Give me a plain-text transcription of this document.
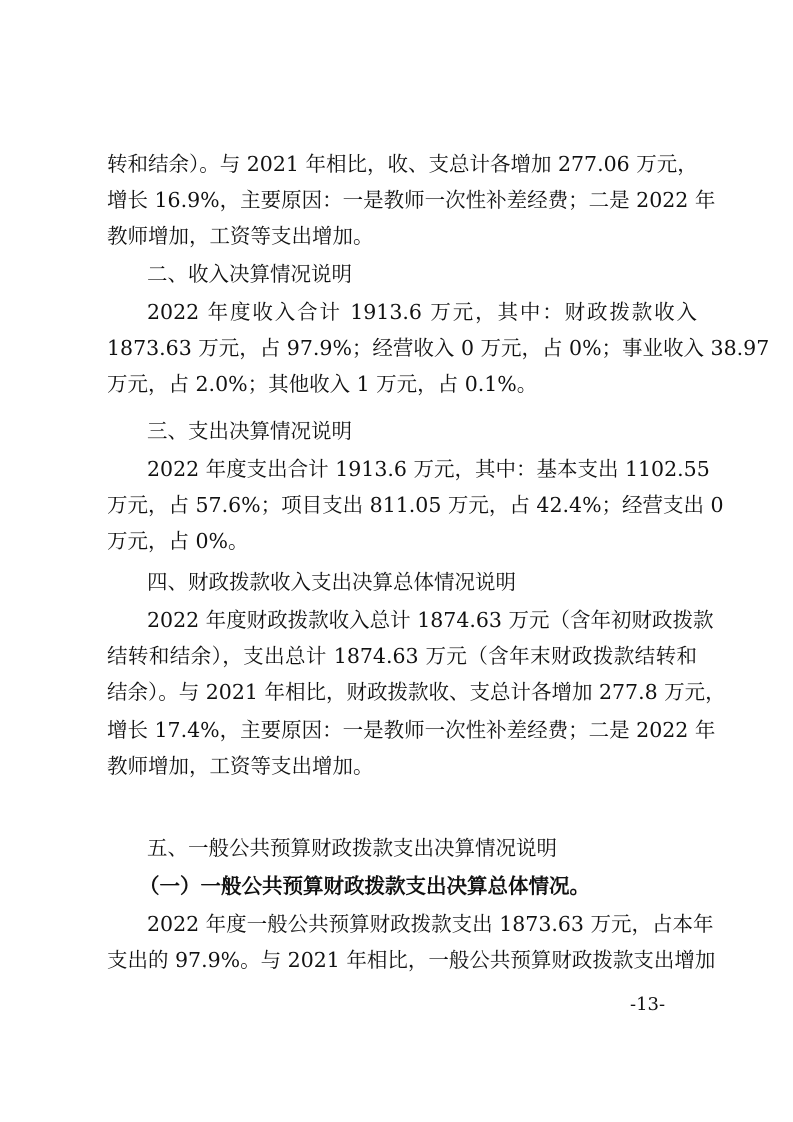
转和结余）。与 2021 年相比，收、支总计各增加 277.06 万元，
增长 16.9%，主要原因：一是教师一次性补差经费；二是 2022 年
教师增加，工资等支出增加。
二、收入决算情况说明
2022 年度收入合计 1913.6 万元，其中：财政拨款收入
1873.63 万元，占 97.9%；经营收入 0 万元，占 0%；事业收入 38.97
万元，占 2.0%；其他收入 1 万元，占 0.1%。
三、支出决算情况说明
2022 年度支出合计 1913.6 万元，其中：基本支出 1102.55
万元，占 57.6%；项目支出 811.05 万元，占 42.4%；经营支出 0
万元，占 0%。
四、财政拨款收入支出决算总体情况说明
2022 年度财政拨款收入总计 1874.63 万元（含年初财政拨款
结转和结余），支出总计 1874.63 万元（含年末财政拨款结转和
结余）。与 2021 年相比，财政拨款收、支总计各增加 277.8 万元，
增长 17.4%，主要原因：一是教师一次性补差经费；二是 2022 年
教师增加，工资等支出增加。
五、一般公共预算财政拨款支出决算情况说明
（一）一般公共预算财政拨款支出决算总体情况。
2022 年度一般公共预算财政拨款支出 1873.63 万元，占本年
支出的 97.9%。与 2021 年相比，一般公共预算财政拨款支出增加
-13-
